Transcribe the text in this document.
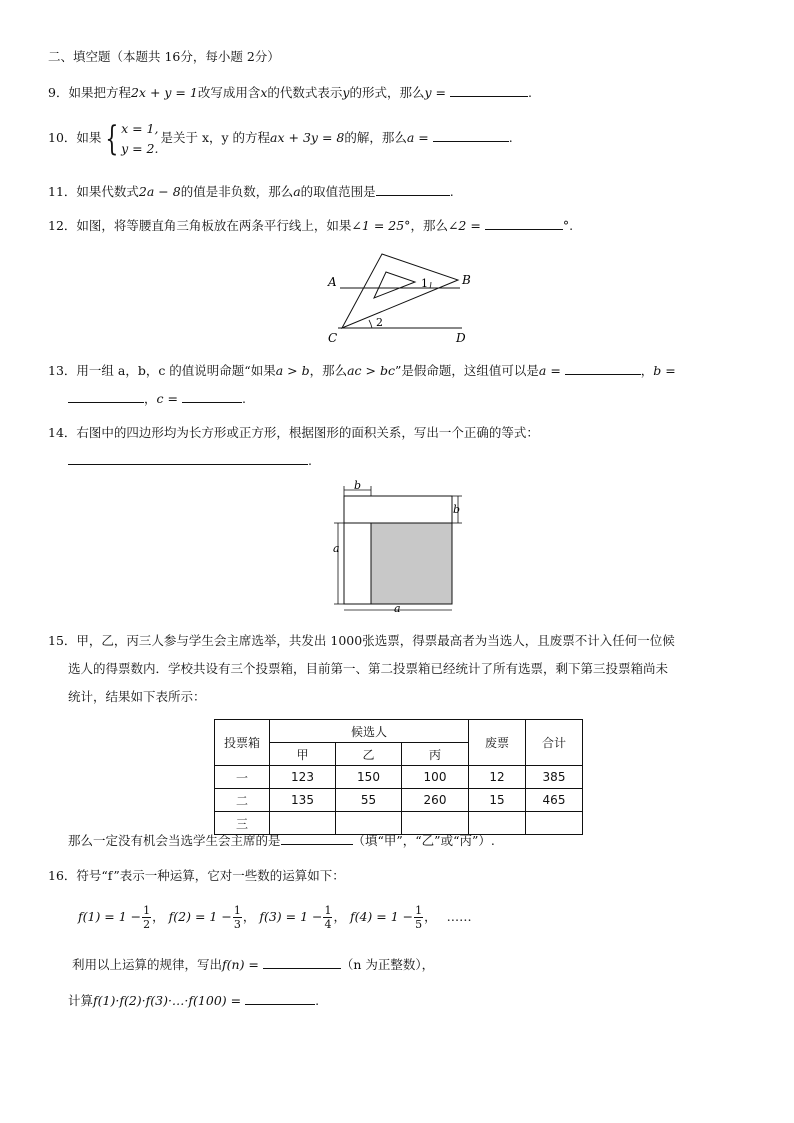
二、填空题（本题共 16分，每小题 2分）
9．如果把方程2x + y = 1改写成用含x的代数式表示y的形式，那么y =	.
10．如果 { x = 1,
y = 2.
是关于 x，y 的方程ax + 3y = 8的解，那么a =	.
11．如果代数式2a − 8的值是非负数，那么a的取值范围是	.
12．如图，将等腰直角三角板放在两条平行线上，如果∠1 = 25°，那么∠2 =	°.
A	B
C	D
1
2
13．用一组 a，b，c 的值说明命题“如果a > b，那么ac > bc”是假命题，这组值可以是a =	，b =
，c =	.
14．右图中的四边形均为长方形或正方形，根据图形的面积关系，写出一个正确的等式：
.
b
b
a
a
15．甲，乙，丙三人参与学生会主席选举，共发出 1000张选票，得票最高者为当选人，且废票不计入任何一位候
选人的得票数内．学校共设有三个投票箱，目前第一、第二投票箱已经统计了所有选票，剩下第三投票箱尚未
统计，结果如下表所示：
投票箱	候选人			废票	合计
	甲	乙	丙		
一	123	150	100	12	385
二	135	55	260	15	465
三					
那么一定没有机会当选学生会主席的是	（填“甲”，“乙”或“丙”）.
16．符号“f”表示一种运算，它对一些数的运算如下：
$f(1) = 1 - \frac{1}{2}$ ， $f(2) = 1 - \frac{1}{3}$ ， $f(3) = 1 - \frac{1}{4}$ ， $f(4) = 1 - \frac{1}{5}$ ， ……
利用以上运算的规律，写出f(n) =	（n 为正整数），
计算f(1)·f(2)·f(3)·…·f(100) =	.
